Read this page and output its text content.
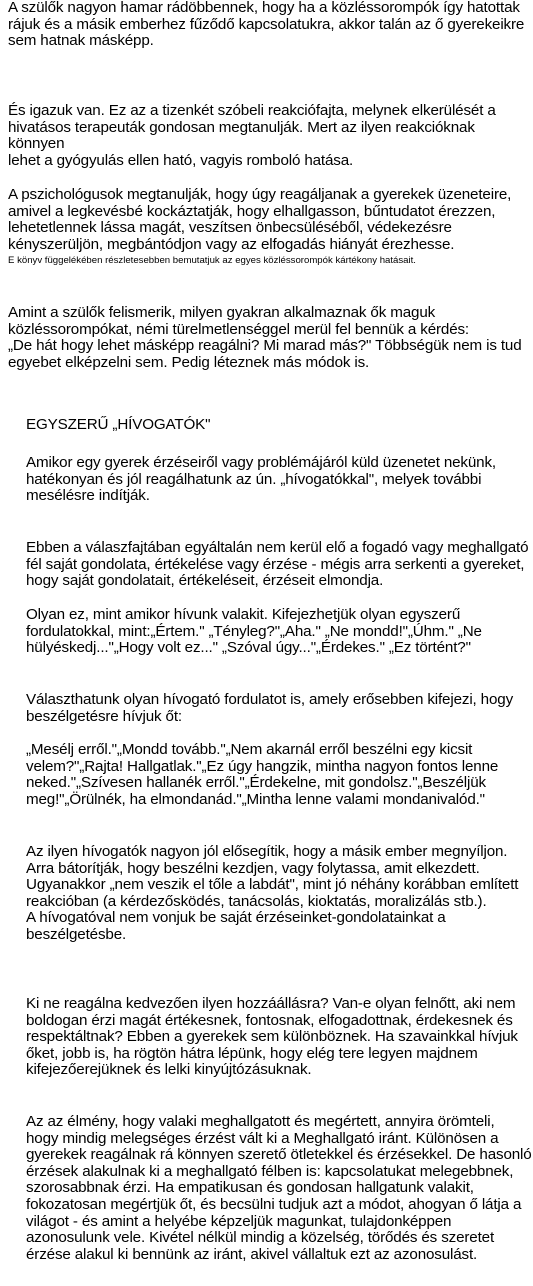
A szülők nagyon hamar rádöbbennek, hogy ha a közléssorompók így hatottak
rájuk és a másik emberhez fűződő kapcsolatukra, akkor talán az ő gyerekeikre
sem hatnak másképp.

És igazuk van. Ez az a tizenkét szóbeli reakciófajta, melynek elkerülését a
hivatásos terapeuták gondosan megtanulják. Mert az ilyen reakcióknak könnyen
lehet a gyógyulás ellen ható, vagyis romboló hatása.

A pszichológusok megtanulják, hogy úgy reagáljanak a gyerekek üzeneteire,
amivel a legkevésbé kockáztatják, hogy elhallgasson, bűntudatot érezzen,
lehetetlennek lássa magát, veszítsen önbecsüléséből, védekezésre
kényszerüljön, megbántódjon vagy az elfogadás hiányát érezhesse.

E könyv függelékében részletesebben bemutatjuk az egyes közléssorompók kártékony hatásait.

Amint a szülők felismerik, milyen gyakran alkalmaznak ők maguk
közléssorompókat, némi türelmetlenséggel merül fel bennük a kérdés:
„De hát hogy lehet másképp reagálni? Mi marad más?" Többségük nem is tud
egyebet elképzelni sem. Pedig léteznek más módok is.

EGYSZERŰ „HÍVOGATÓK"

Amikor egy gyerek érzéseiről vagy problémájáról küld üzenetet nekünk,
hatékonyan és jól reagálhatunk az ún. „hívogatókkal", melyek további
mesélésre indítják.

Ebben a válaszfajtában egyáltalán nem kerül elő a fogadó vagy meghallgató
fél saját gondolata, értékelése vagy érzése - mégis arra serkenti a gyereket,
hogy saját gondolatait, értékeléseit, érzéseit elmondja.

Olyan ez, mint amikor hívunk valakit. Kifejezhetjük olyan egyszerű
fordulatokkal, mint:„Értem." „Tényleg?"„Aha." „Ne mondd!"„Úhm." „Ne
hülyéskedj..."„Hogy volt ez..." „Szóval úgy..."„Érdekes." „Ez történt?"

Választhatunk olyan hívogató fordulatot is, amely erősebben kifejezi, hogy
beszélgetésre hívjuk őt:

„Mesélj erről."„Mondd tovább."„Nem akarnál erről beszélni egy kicsit
velem?"„Rajta! Hallgatlak."„Ez úgy hangzik, mintha nagyon fontos lenne
neked."„Szívesen hallanék erről."„Érdekelne, mit gondolsz."„Beszéljük
meg!"„Örülnék, ha elmondanád."„Mintha lenne valami mondanivalód."

Az ilyen hívogatók nagyon jól elősegítik, hogy a másik ember megnyíljon.
Arra bátorítják, hogy beszélni kezdjen, vagy folytassa, amit elkezdett.
Ugyanakkor „nem veszik el tőle a labdát", mint jó néhány korábban említett
reakcióban (a kérdezősködés, tanácsolás, kioktatás, moralizálás stb.).
A hívogatóval nem vonjuk be saját érzéseinket-gondolatainkat a
beszélgetésbe.

Ki ne reagálna kedvezően ilyen hozzáállásra? Van-e olyan felnőtt, aki nem
boldogan érzi magát értékesnek, fontosnak, elfogadottnak, érdekesnek és
respektáltnak? Ebben a gyerekek sem különböznek. Ha szavainkkal hívjuk
őket, jobb is, ha rögtön hátra lépünk, hogy elég tere legyen majdnem
kifejezőerejüknek és lelki kinyújtózásuknak.

Az az élmény, hogy valaki meghallgatott és megértett, annyira örömteli,
hogy mindig melegséges érzést vált ki a Meghallgató iránt. Különösen a
gyerekek reagálnak rá könnyen szerető ötletekkel és érzésekkel. De hasonló
érzések alakulnak ki a meghallgató félben is: kapcsolatukat melegebbnek,
szorosabbnak érzi. Ha empatikusan és gondosan hallgatunk valakit,
fokozatosan megértjük őt, és becsülni tudjuk azt a módot, ahogyan ő látja a
világot - és amint a helyébe képzeljük magunkat, tulajdonképpen
azonosulunk vele. Kivétel nélkül mindig a közelség, törődés és szeretet
érzése alakul ki bennünk az iránt, akivel vállaltuk ezt az azonosulást.
